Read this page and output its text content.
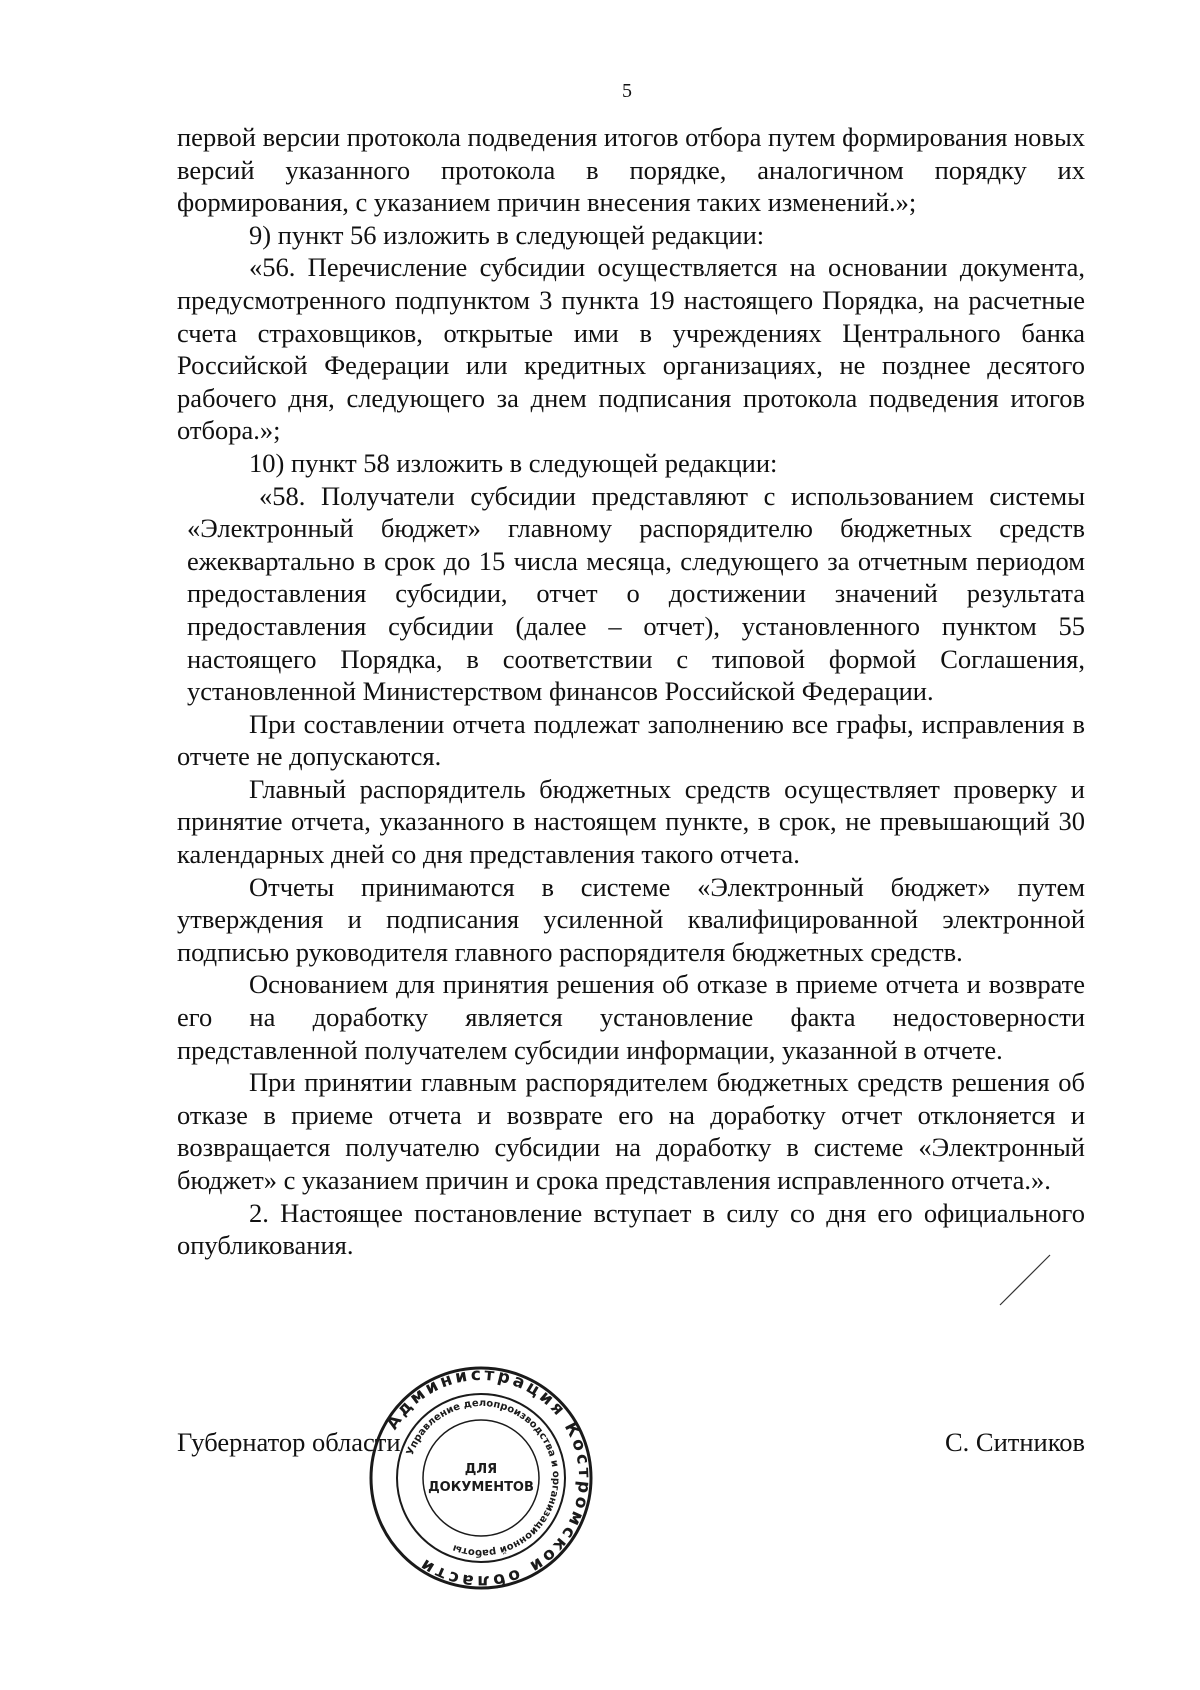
5

первой версии протокола подведения итогов отбора путем формирования новых версий указанного протокола в порядке, аналогичном порядку их формирования, с указанием причин внесения таких изменений.»;

9) пункт 56 изложить в следующей редакции:

«56. Перечисление субсидии осуществляется на основании документа, предусмотренного подпунктом 3 пункта 19 настоящего Порядка, на расчетные счета страховщиков, открытые ими в учреждениях Центрального банка Российской Федерации или кредитных организациях, не позднее десятого рабочего дня, следующего за днем подписания протокола подведения итогов отбора.»;

10) пункт 58 изложить в следующей редакции:

«58. Получатели субсидии представляют с использованием системы «Электронный бюджет» главному распорядителю бюджетных средств ежеквартально в срок до 15 числа месяца, следующего за отчетным периодом предоставления субсидии, отчет о достижении значений результата предоставления субсидии (далее – отчет), установленного пунктом 55 настоящего Порядка, в соответствии с типовой формой Соглашения, установленной Министерством финансов Российской Федерации.

При составлении отчета подлежат заполнению все графы, исправления в отчете не допускаются.

Главный распорядитель бюджетных средств осуществляет проверку и принятие отчета, указанного в настоящем пункте, в срок, не превышающий 30 календарных дней со дня представления такого отчета.

Отчеты принимаются в системе «Электронный бюджет» путем утверждения и подписания усиленной квалифицированной электронной подписью руководителя главного распорядителя бюджетных средств.

Основанием для принятия решения об отказе в приеме отчета и возврате его на доработку является установление факта недостоверности представленной получателем субсидии информации, указанной в отчете.

При принятии главным распорядителем бюджетных средств решения об отказе в приеме отчета и возврате его на доработку отчет отклоняется и возвращается получателю субсидии на доработку в системе «Электронный бюджет» с указанием причин и срока представления исправленного отчета.».

2. Настоящее постановление вступает в силу со дня его официального опубликования.

Губернатор области	С. Ситников
Администрация Костромской области
Управление делопроизводства и организационной работы
ДЛЯ
ДОКУМЕНТОВ
